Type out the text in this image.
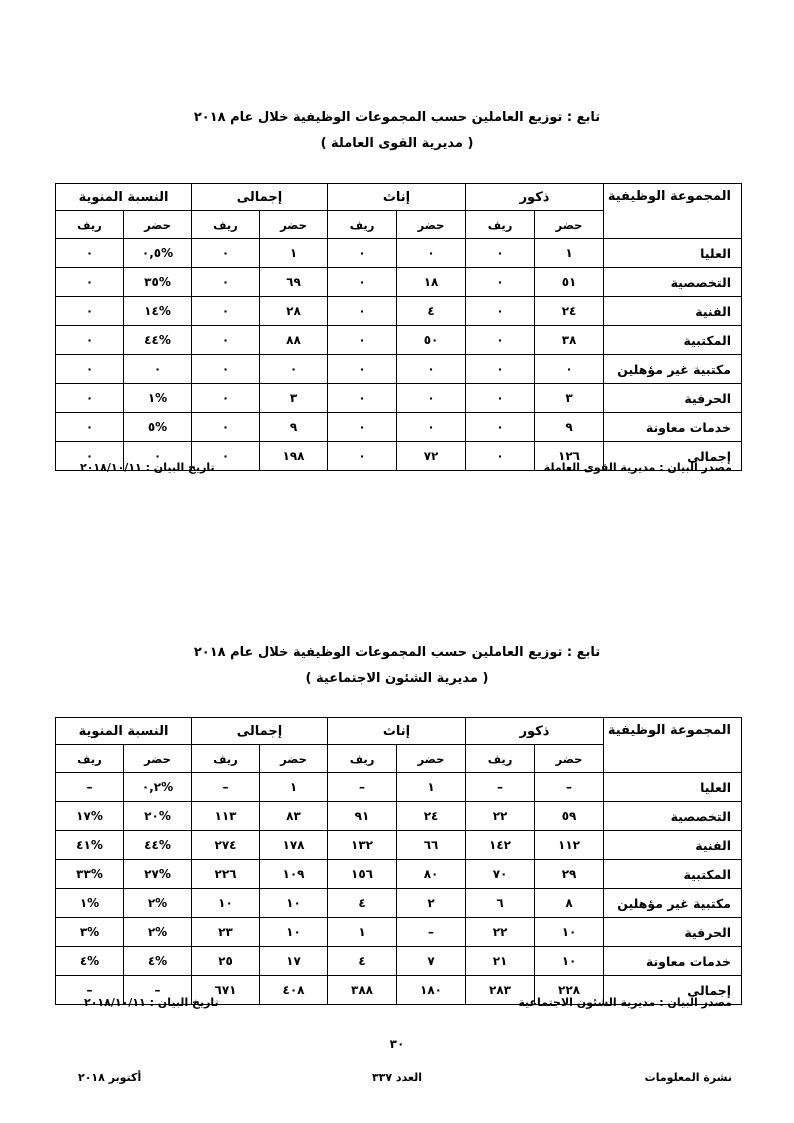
تابع : توزيع العاملين حسب المجموعات الوظيفية خلال عام ٢٠١٨
( مديرية القوى العاملة )
المجموعة الوظيفية	ذكور		إناث		إجمالى		النسبة المنوية	
	حضر	ريف	حضر	ريف	حضر	ريف	حضر	ريف
العليا	١	٠	٠	٠	١	٠	%٠,٥	٠
التخصصية	٥١	٠	١٨	٠	٦٩	٠	%٣٥	٠
الفنية	٢٤	٠	٤	٠	٢٨	٠	%١٤	٠
المكتبية	٣٨	٠	٥٠	٠	٨٨	٠	%٤٤	٠
مكتبية غير مؤهلين	٠	٠	٠	٠	٠	٠	٠	٠
الحرفية	٣	٠	٠	٠	٣	٠	%١	٠
خدمات معاونة	٩	٠	٠	٠	٩	٠	%٥	٠
إجمالى	١٢٦	٠	٧٢	٠	١٩٨	٠	٠	٠
مصدر البيان : مديرية القوى العاملة
تاريخ البيان : ٢٠١٨/١٠/١١
تابع : توزيع العاملين حسب المجموعات الوظيفية خلال عام ٢٠١٨
( مديرية الشئون الاجتماعية )
المجموعة الوظيفية	ذكور		إناث		إجمالى		النسبة المنوية	
	حضر	ريف	حضر	ريف	حضر	ريف	حضر	ريف
العليا	–	–	١	–	١	–	%٠,٢	–
التخصصية	٥٩	٢٢	٢٤	٩١	٨٣	١١٣	%٢٠	%١٧
الفنية	١١٢	١٤٢	٦٦	١٣٢	١٧٨	٢٧٤	%٤٤	%٤١
المكتبية	٢٩	٧٠	٨٠	١٥٦	١٠٩	٢٢٦	%٢٧	%٣٣
مكتبية غير مؤهلين	٨	٦	٢	٤	١٠	١٠	%٢	%١
الحرفية	١٠	٢٢	–	١	١٠	٢٣	%٢	%٣
خدمات معاونة	١٠	٢١	٧	٤	١٧	٢٥	%٤	%٤
إجمالى	٢٢٨	٢٨٣	١٨٠	٣٨٨	٤٠٨	٦٧١	–	–
مصدر البيان : مديرية الشئون الاجتماعية
تاريخ البيان : ٢٠١٨/١٠/١١
٣٠
نشرة المعلومات
العدد ٣٣٧
أكتوبر ٢٠١٨
